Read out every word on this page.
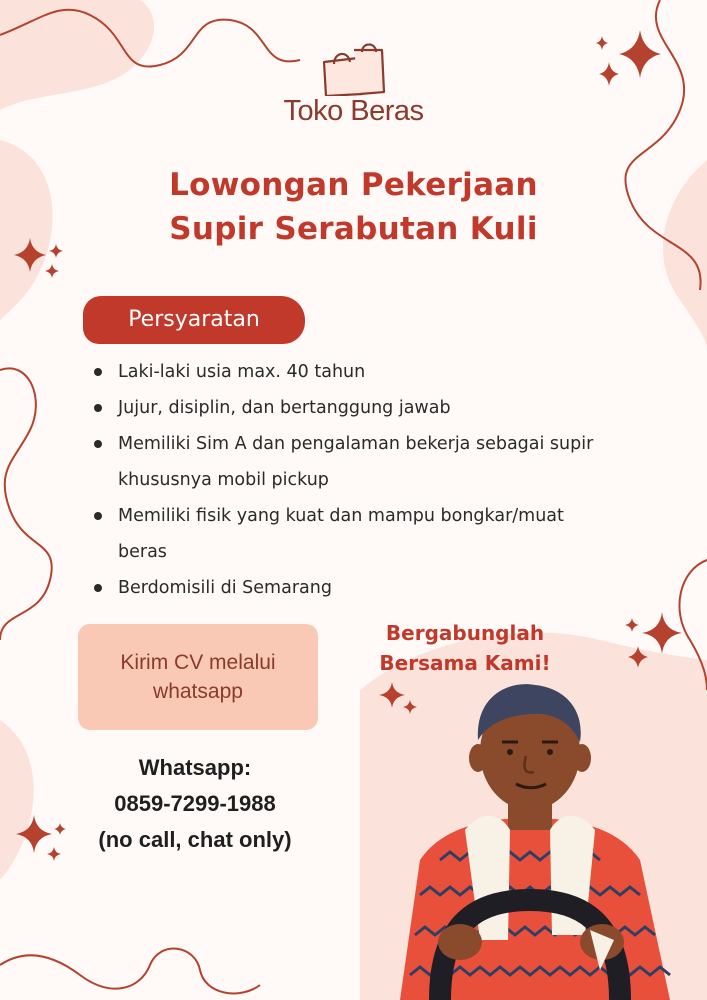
Toko Beras
Lowongan Pekerjaan
Supir Serabutan Kuli
Persyaratan
Laki-laki usia max. 40 tahun
Jujur, disiplin, dan bertanggung jawab
Memiliki Sim A dan pengalaman bekerja sebagai supir
khususnya mobil pickup
Memiliki fisik yang kuat dan mampu bongkar/muat
beras
Berdomisili di Semarang
Kirim CV melalui
whatsapp
Bergabunglah
Bersama Kami!
Whatsapp:
0859-7299-1988
(no call, chat only)
